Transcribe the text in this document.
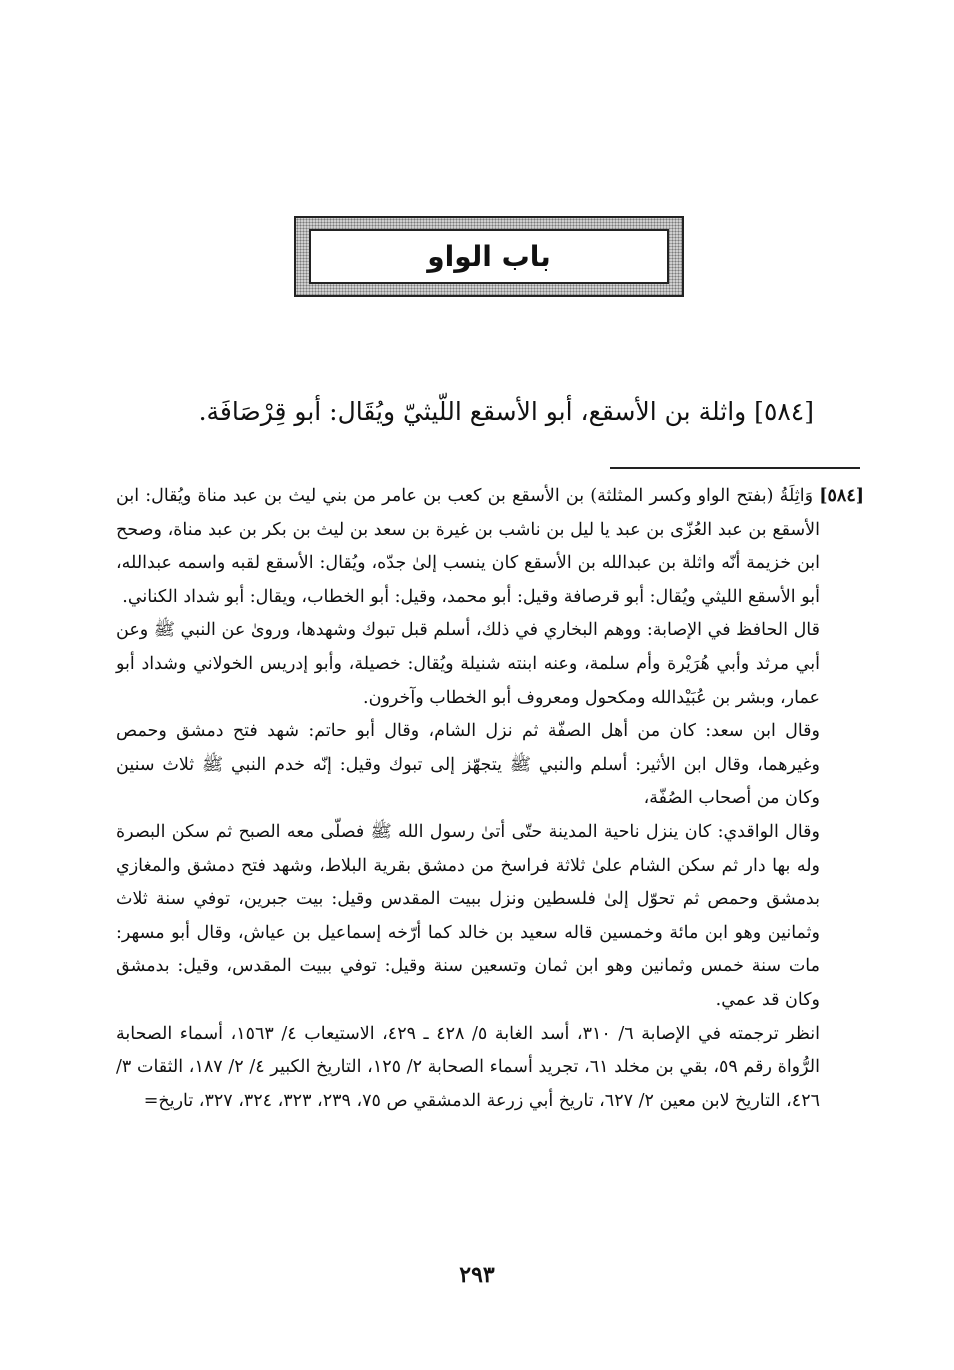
باب الواو
[٥٨٤] واثلة بن الأسقع، أبو الأسقع اللّيثيّ ويُقَال: أبو قِرْصَافَة.

[٥٨٤] وَاثِلَةُ (بفتح الواو وكسر المثلثة) بن الأسقع بن كعب بن عامر من بني ليث بن عبد مناة ويُقال: ابن الأسقع بن عبد العُزّى بن عبد يا ليل بن ناشب بن غيرة بن سعد بن ليث بن بكر بن عبد مناة، وصحح ابن خزيمة أنّه واثلة بن عبدالله بن الأسقع كان ينسب إلىٰ جدّه، ويُقال: الأسقع لقبه واسمه عبدالله، أبو الأسقع الليثي ويُقال: أبو قرصافة وقيل: أبو محمد، وقيل: أبو الخطاب، ويقال: أبو شداد الكناني.

قال الحافظ في الإصابة: ووهم البخاري في ذلك، أسلم قبل تبوك وشهدها، وروىٰ عن النبي ﷺ وعن أبي مرثد وأبي هُرَيْرة وأم سلمة، وعنه ابنته شنيلة ويُقال: خصيلة، وأبو إدريس الخولاني وشداد أبو عمار، وبشر بن عُبَيْدالله ومكحول ومعروف أبو الخطاب وآخرون.

وقال ابن سعد: كان من أهل الصفّة ثم نزل الشام، وقال أبو حاتم: شهد فتح دمشق وحمص وغيرهما، وقال ابن الأثير: أسلم والنبي ﷺ يتجهّز إلى تبوك وقيل: إنّه خدم النبي ﷺ ثلاث سنين وكان من أصحاب الصُفّة،

وقال الواقدي: كان ينزل ناحية المدينة حتّى أتىٰ رسول الله ﷺ فصلّى معه الصبح ثم سكن البصرة وله بها دار ثم سكن الشام علىٰ ثلاثة فراسخ من دمشق بقرية البلاط، وشهد فتح دمشق والمغازي بدمشق وحمص ثم تحوّل إلىٰ فلسطين ونزل ببيت المقدس وقيل: بيت جبرين، توفي سنة ثلاث وثمانين وهو ابن مائة وخمسين قاله سعيد بن خالد كما أرّخه إسماعيل بن عياش، وقال أبو مسهر: مات سنة خمس وثمانين وهو ابن ثمان وتسعين سنة وقيل: توفي ببيت المقدس، وقيل: بدمشق وكان قد عمي.

انظر ترجمته في الإصابة ٦/ ٣١٠، أسد الغابة ٥/ ٤٢٨ ـ ٤٢٩، الاستيعاب ٤/ ١٥٦٣، أسماء الصحابة الرُّواة رقم ٥٩، بقي بن مخلد ٦١، تجريد أسماء الصحابة ٢/ ١٢٥، التاريخ الكبير ٤/ ٢/ ١٨٧، الثقات ٣/ ٤٢٦، التاريخ لابن معين ٢/ ٦٢٧، تاريخ أبي زرعة الدمشقي ص ٧٥، ٢٣٩، ٣٢٣، ٣٢٤، ٣٢٧، تاريخ=

٢٩٣
